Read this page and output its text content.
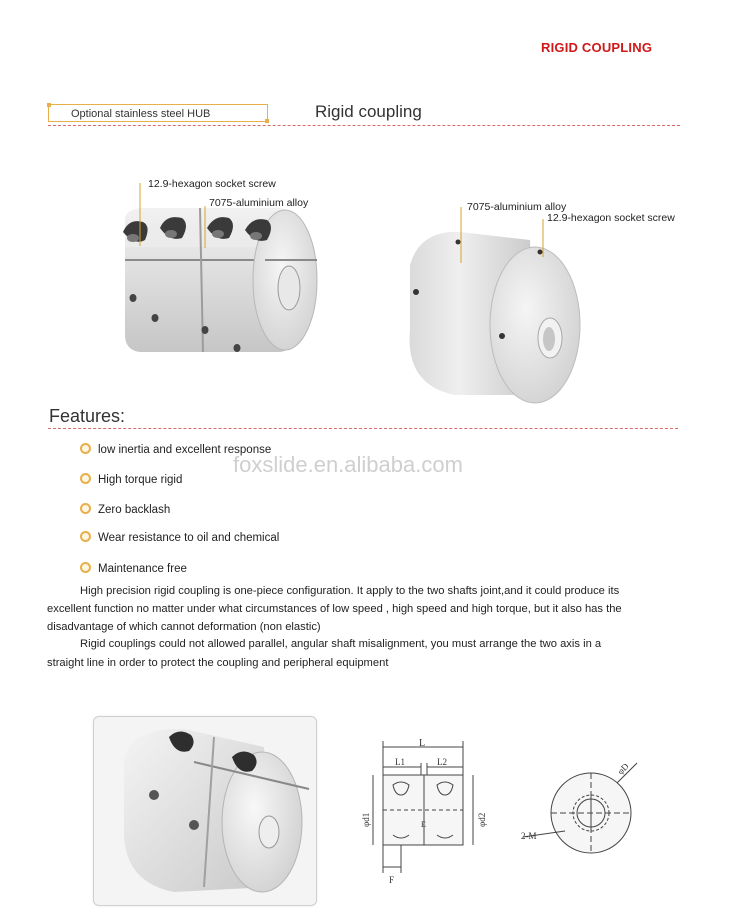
RIGID COUPLING
Optional stainless steel HUB	Rigid coupling
12.9-hexagon socket screw
7075-aluminium alloy	7075-aluminium alloy
12.9-hexagon socket screw
Features:
low inertia and excellent response
High torque rigid
Zero backlash
Wear resistance to oil and chemical
Maintenance free
foxslide.en.alibaba.com
High precision rigid coupling is one-piece configuration. It apply to the two shafts joint,and it could produce its
excellent function no matter under what circumstances of low speed , high speed and high torque, but it also has the
disadvantage of which cannot deformation (non elastic)
Rigid couplings could not allowed parallel, angular shaft misalignment, you must arrange the two axis in a
straight line in order to protect the coupling and peripheral equipment
L
L1	L2
E
F
φd1	φd2
φD
2-M
